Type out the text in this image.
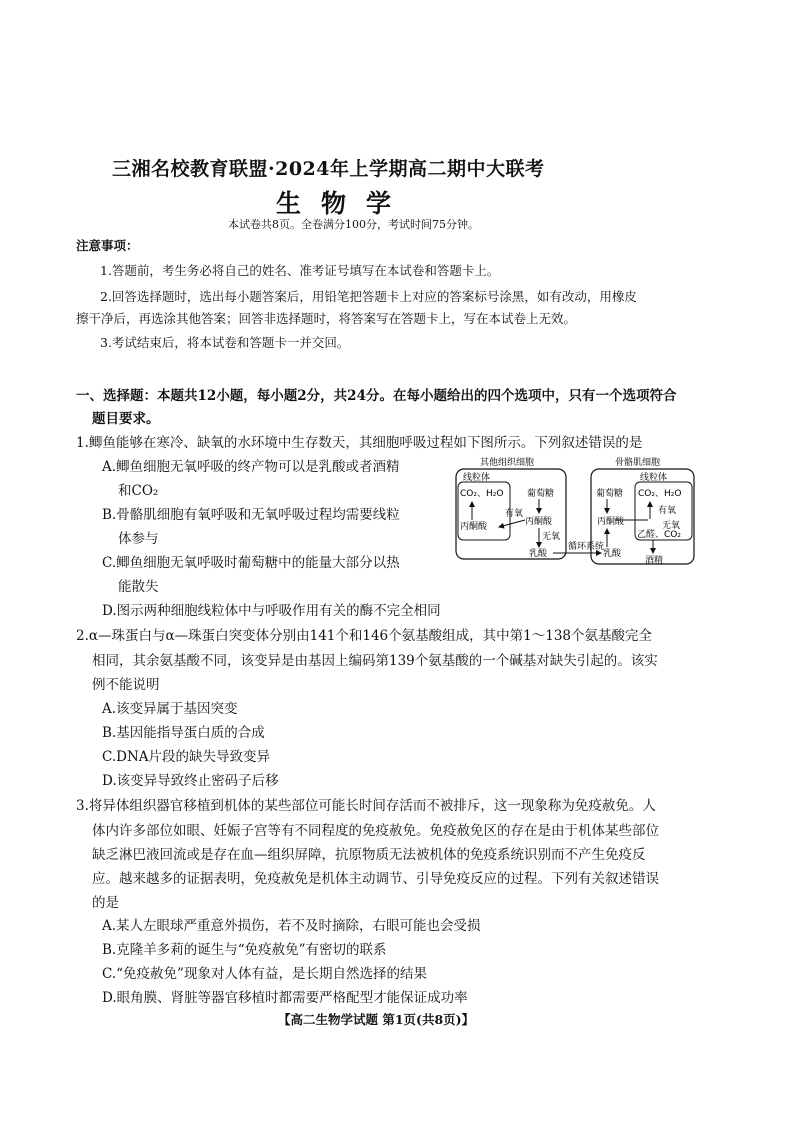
三湘名校教育联盟·2024年上学期高二期中大联考
生物学
本试卷共8页。全卷满分100分，考试时间75分钟。
注意事项：
1.答题前，考生务必将自己的姓名、准考证号填写在本试卷和答题卡上。
2.回答选择题时，选出每小题答案后，用铅笔把答题卡上对应的答案标号涂黑，如有改动，用橡皮
擦干净后，再选涂其他答案；回答非选择题时，将答案写在答题卡上，写在本试卷上无效。
3.考试结束后，将本试卷和答题卡一并交回。
一、选择题：本题共12小题，每小题2分，共24分。在每小题给出的四个选项中，只有一个选项符合
题目要求。
1.鲫鱼能够在寒冷、缺氧的水环境中生存数天，其细胞呼吸过程如下图所示。下列叙述错误的是
A.鲫鱼细胞无氧呼吸的终产物可以是乳酸或者酒精
和CO₂
B.骨骼肌细胞有氧呼吸和无氧呼吸过程均需要线粒
体参与
C.鲫鱼细胞无氧呼吸时葡萄糖中的能量大部分以热
能散失
D.图示两种细胞线粒体中与呼吸作用有关的酶不完全相同
其他组织细胞
线粒体
CO₂、H₂O
丙酮酸
葡萄糖
丙酮酸
有氧
无氧
乳酸
循环系统
骨骼肌细胞
线粒体
葡萄糖
丙酮酸
CO₂、H₂O
有氧
无氧
乙醛、CO₂
乳酸
酒精
2.α—珠蛋白与α—珠蛋白突变体分别由141个和146个氨基酸组成，其中第1～138个氨基酸完全
相同，其余氨基酸不同，该变异是由基因上编码第139个氨基酸的一个碱基对缺失引起的。该实
例不能说明
A.该变异属于基因突变
B.基因能指导蛋白质的合成
C.DNA片段的缺失导致变异
D.该变异导致终止密码子后移
3.将异体组织器官移植到机体的某些部位可能长时间存活而不被排斥，这一现象称为免疫赦免。人
体内许多部位如眼、妊娠子宫等有不同程度的免疫赦免。免疫赦免区的存在是由于机体某些部位
缺乏淋巴液回流或是存在血—组织屏障，抗原物质无法被机体的免疫系统识别而不产生免疫反
应。越来越多的证据表明，免疫赦免是机体主动调节、引导免疫反应的过程。下列有关叙述错误
的是
A.某人左眼球严重意外损伤，若不及时摘除，右眼可能也会受损
B.克隆羊多莉的诞生与“免疫赦免”有密切的联系
C.“免疫赦免”现象对人体有益，是长期自然选择的结果
D.眼角膜、肾脏等器官移植时都需要严格配型才能保证成功率
【高二生物学试题 第1页(共8页)】
